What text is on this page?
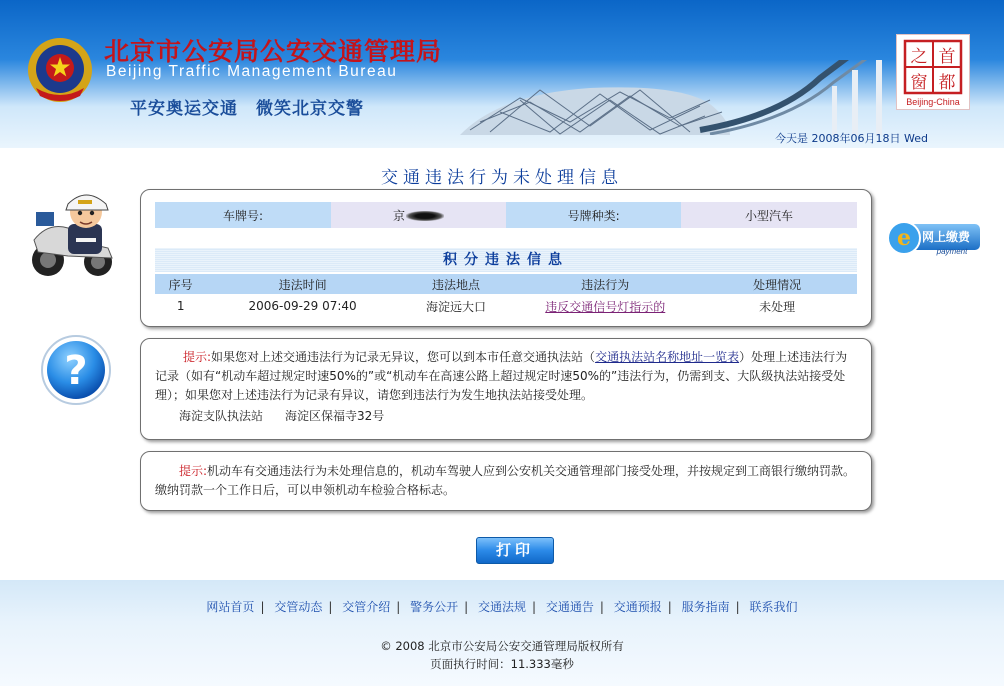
北京市公安局公安交通管理局
Beijing Traffic Management Bureau
平安奥运交通　微笑北京交警
之 首
窗 都
Beijing-China
今天是 2008年06月18日 Wed
交通违法行为未处理信息
?
e 网上缴费
payment
车牌号:	京	号牌种类:	小型汽车
积分违法信息
序号	违法时间	违法地点	违法行为	处理情况
1	2006-09-29 07:40	海淀远大口	违反交通信号灯指示的	未处理
提示:如果您对上述交通违法行为记录无异议，您可以到本市任意交通执法站（交通执法站名称地址一览表）处理上述违法行为记录（如有“机动车超过规定时速50%的”或“机动车在高速公路上超过规定时速50%的”违法行为，仍需到支、大队级执法站接受处理）；如果您对上述违法行为记录有异议，请您到违法行为发生地执法站接受处理。
海淀支队执法站 海淀区保福寺32号
提示:机动车有交通违法行为未处理信息的，机动车驾驶人应到公安机关交通管理部门接受处理，并按规定到工商银行缴纳罚款。缴纳罚款一个工作日后，可以申领机动车检验合格标志。
打印
网站首页 | 交管动态 | 交管介绍 | 警务公开 | 交通法规 | 交通通告 | 交通预报 | 服务指南 | 联系我们
© 2008 北京市公安局公安交通管理局版权所有
页面执行时间：11.333毫秒
